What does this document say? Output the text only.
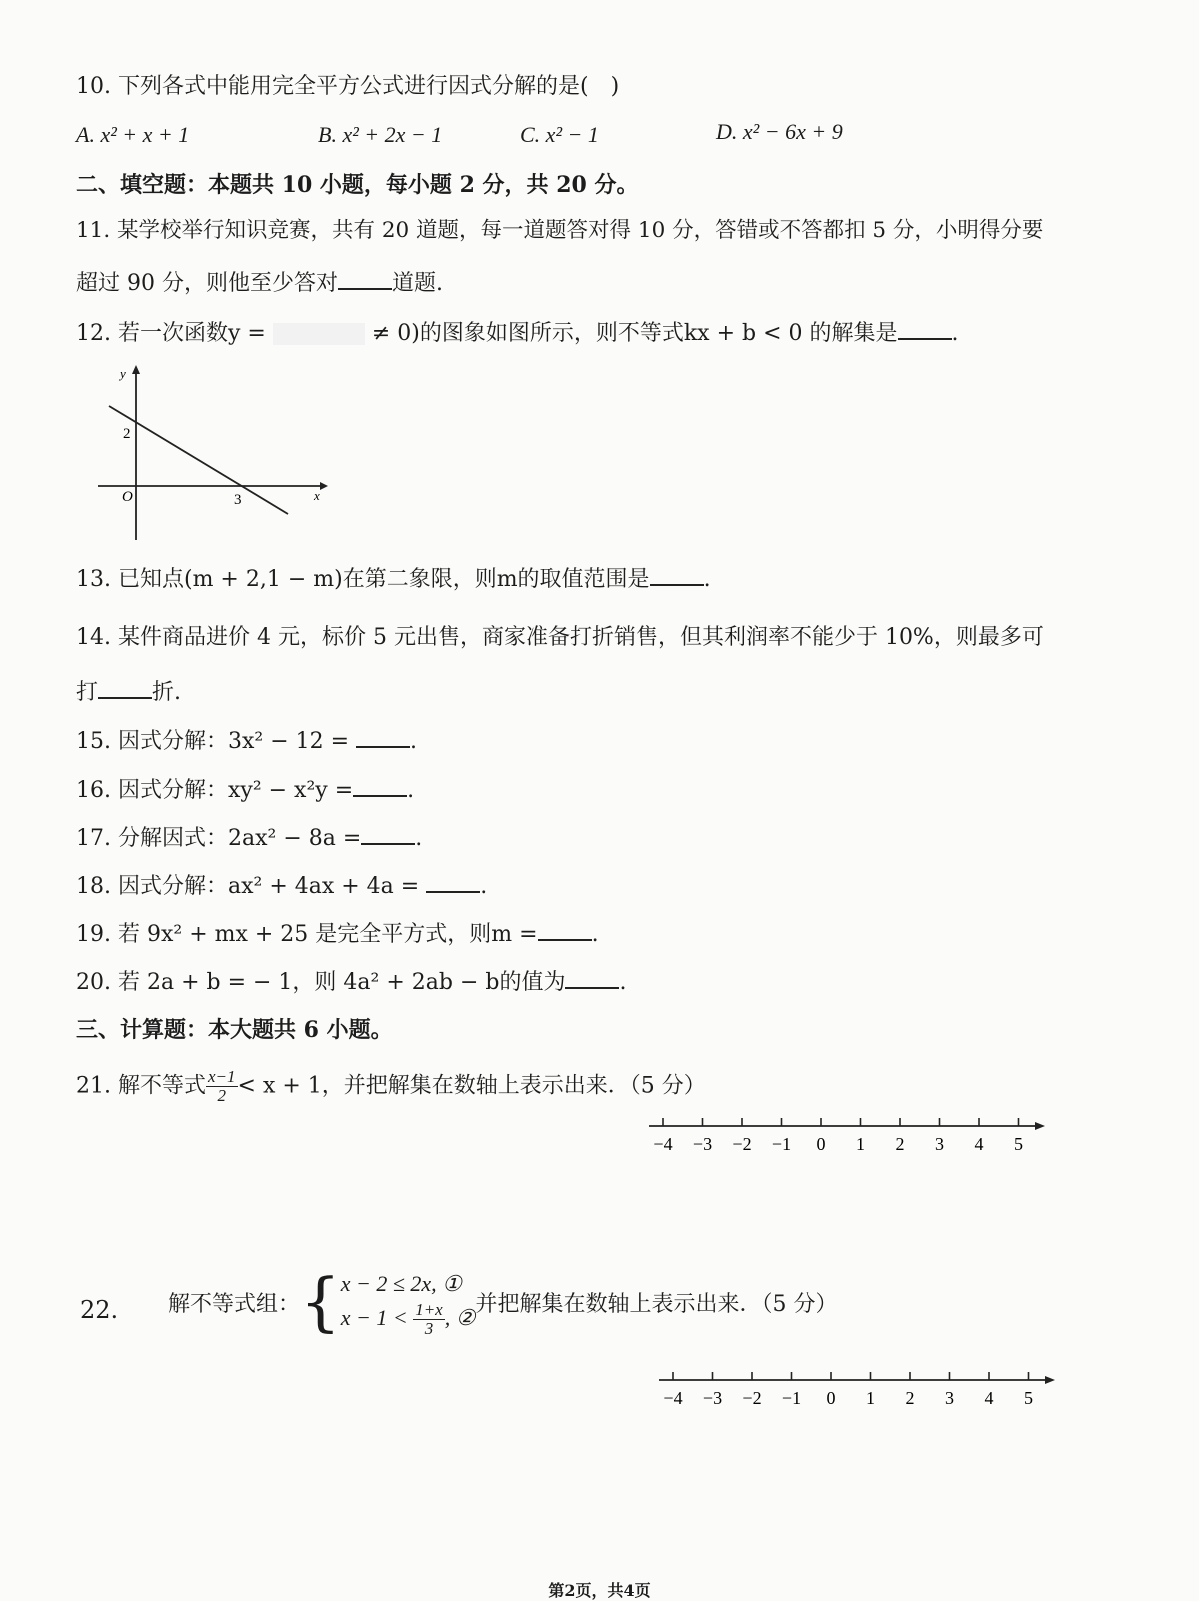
10. 下列各式中能用完全平方公式进行因式分解的是(　)
A. x² + x + 1	B. x² + 2x − 1	C. x² − 1	D. x² − 6x + 9
二、填空题：本题共 10 小题，每小题 2 分，共 20 分。
11. 某学校举行知识竞赛，共有 20 道题，每一道题答对得 10 分，答错或不答都扣 5 分，小明得分要
超过 90 分，则他至少答对 道题.
12. 若一次函数y =	≠ 0)的图象如图所示，则不等式kx + b < 0 的解集是 .
y
x
O
2
3
13. 已知点(m + 2,1 − m)在第二象限，则m的取值范围是 .
14. 某件商品进价 4 元，标价 5 元出售，商家准备打折销售，但其利润率不能少于 10%，则最多可
打 折.
15. 因式分解：3x² − 12 =	.
16. 因式分解：xy² − x²y = .
17. 分解因式：2ax² − 8a = .
18. 因式分解：ax² + 4ax + 4a =	.
19. 若 9x² + mx + 25 是完全平方式，则m = .
20. 若 2a + b = − 1，则 4a² + 2ab − b的值为 .
三、计算题：本大题共 6 小题。
21. 解不等式 $\frac{x-1}{2} < x + 1$，并把解集在数轴上表示出来．（5 分）
−4 −3 −2 −1 0 1 2 3 4 5
22. 解不等式组：{ x − 2 ≤ 2x, ①
$x - 1 < \frac{1+x}{3}$ , ②
并把解集在数轴上表示出来．（5 分）
−4 −3 −2 −1 0 1 2 3 4 5
第2页，共4页
